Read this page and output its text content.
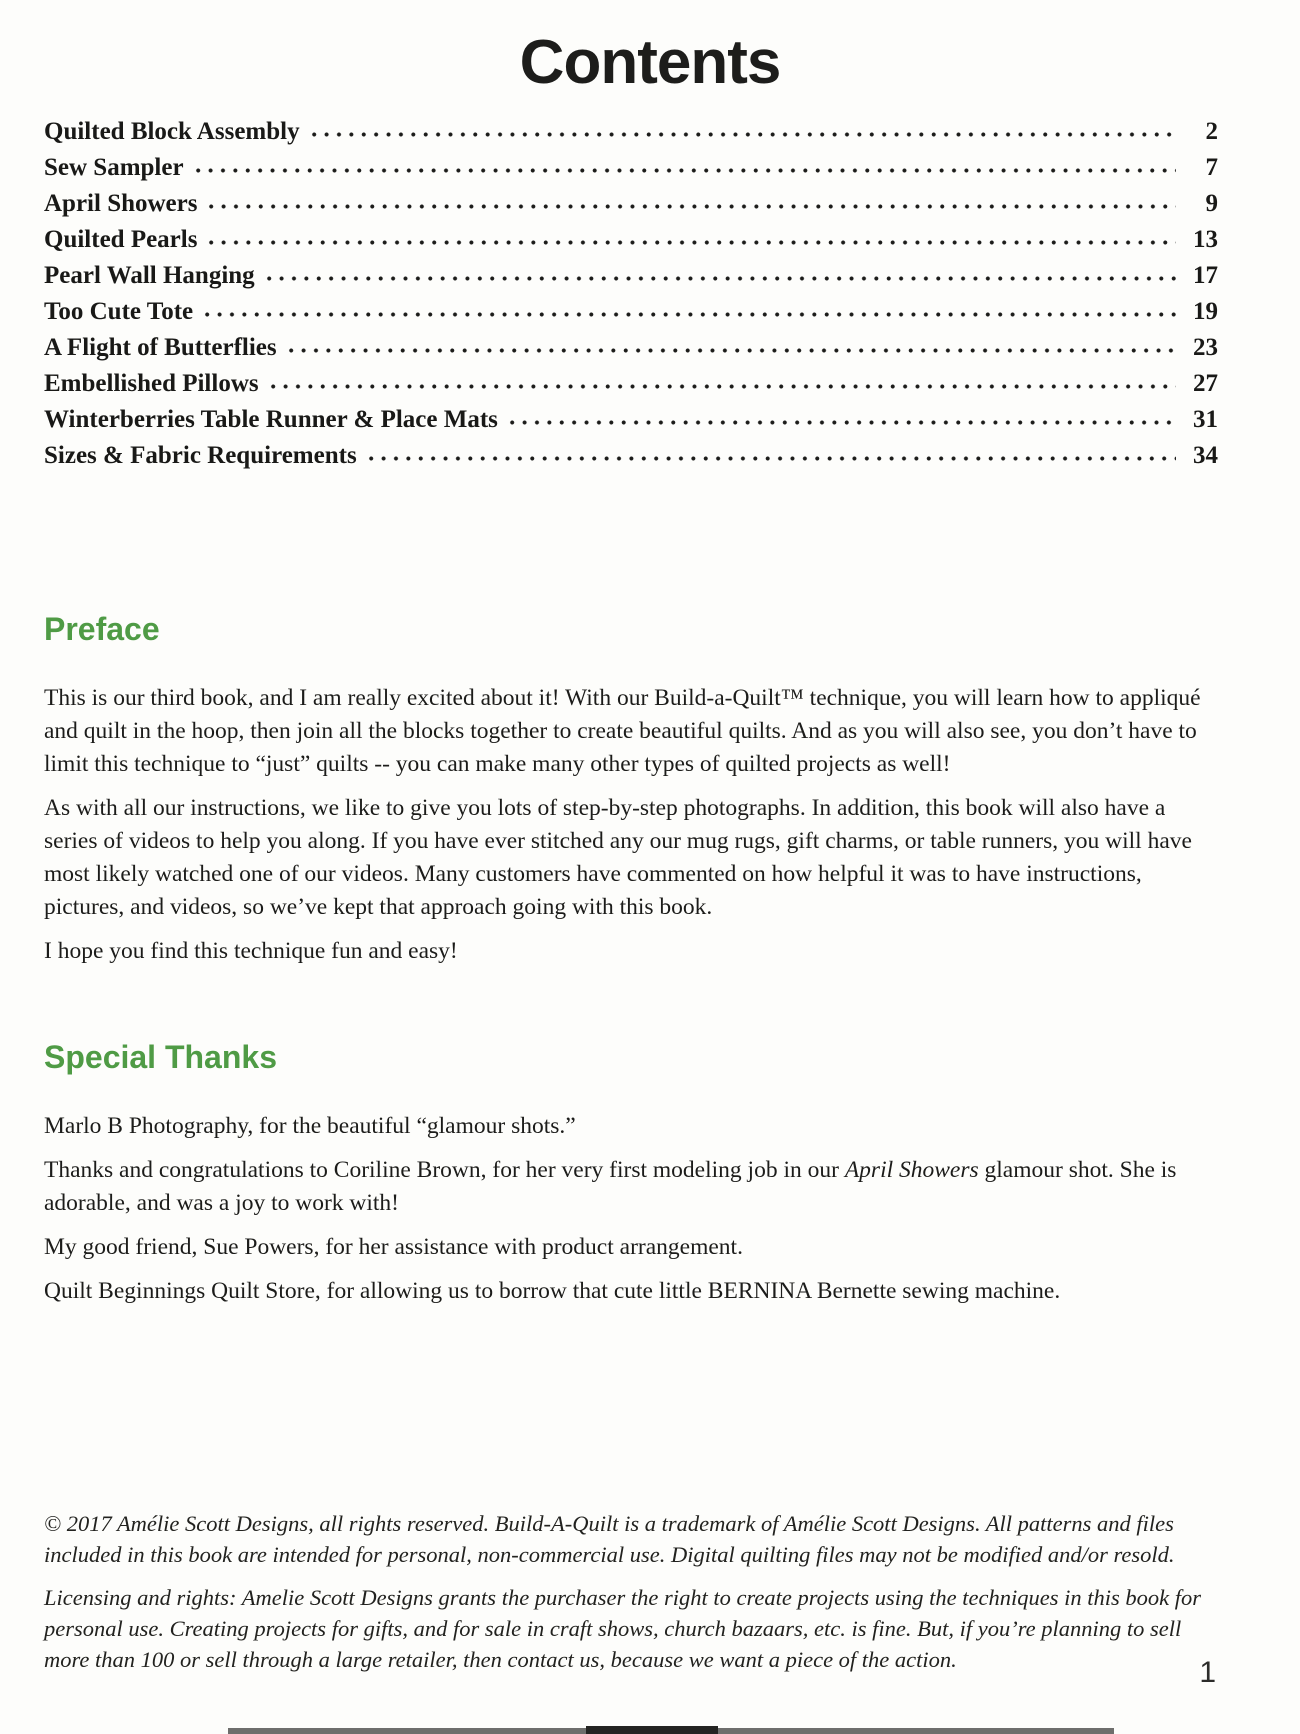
Contents
Quilted Block Assembly	2
Sew Sampler	7
April Showers	9
Quilted Pearls	13
Pearl Wall Hanging	17
Too Cute Tote	19
A Flight of Butterflies	23
Embellished Pillows	27
Winterberries Table Runner & Place Mats	31
Sizes & Fabric Requirements	34
Preface

This is our third book, and I am really excited about it! With our Build-a-Quilt™ technique, you will learn how to appliqué and quilt in the hoop, then join all the blocks together to create beautiful quilts. And as you will also see, you don’t have to limit this technique to “just” quilts -- you can make many other types of quilted projects as well!

As with all our instructions, we like to give you lots of step-by-step photographs. In addition, this book will also have a series of videos to help you along. If you have ever stitched any our mug rugs, gift charms, or table runners, you will have most likely watched one of our videos. Many customers have commented on how helpful it was to have instructions, pictures, and videos, so we’ve kept that approach going with this book.

I hope you find this technique fun and easy!

Special Thanks

Marlo B Photography, for the beautiful “glamour shots.”

Thanks and congratulations to Coriline Brown, for her very first modeling job in our April Showers glamour shot. She is adorable, and was a joy to work with!

My good friend, Sue Powers, for her assistance with product arrangement.

Quilt Beginnings Quilt Store, for allowing us to borrow that cute little BERNINA Bernette sewing machine.

© 2017 Amélie Scott Designs, all rights reserved. Build-A-Quilt is a trademark of Amélie Scott Designs. All patterns and files included in this book are intended for personal, non-commercial use. Digital quilting files may not be modified and/or resold.

Licensing and rights: Amelie Scott Designs grants the purchaser the right to create projects using the techniques in this book for personal use. Creating projects for gifts, and for sale in craft shows, church bazaars, etc. is fine. But, if you’re planning to sell more than 100 or sell through a large retailer, then contact us, because we want a piece of the action.	1
